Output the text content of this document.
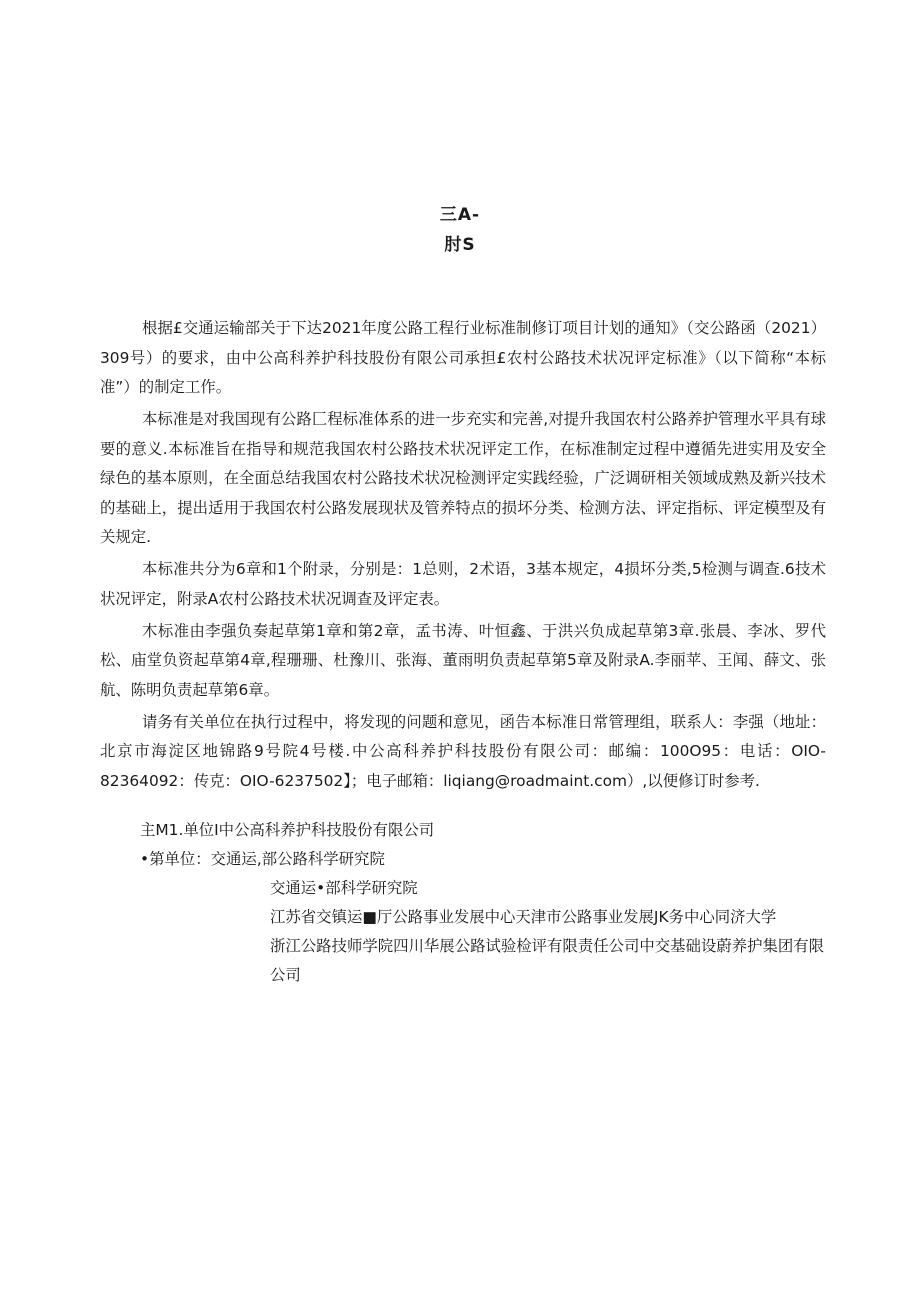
三A-
肘S

根据£交通运输部关于下达2021年度公路工程行业标准制修订项目计划的通知》（交公路函（2021）309号）的要求，由中公高科养护科技股份有限公司承担£农村公路技术状况评定标准》（以下简称“本标准”）的制定工作。

本标准是对我国现有公路匚程标准体系的进一步充实和完善,对提升我国农村公路养护管理水平具有球要的意义.本标准旨在指导和规范我国农村公路技术状况评定工作，在标准制定过程中遵循先进实用及安全绿色的基本原则，在全面总结我国农村公路技术状况检测评定实践经验，广泛调研相关领域成熟及新兴技术的基础上，提出适用于我国农村公路发展现状及管养特点的损坏分类、检测方法、评定指标、评定模型及有关规定.

本标准共分为6章和1个附录，分别是：1总则，2术语，3基本规定，4损坏分类,5检测与调查.6技术状况评定，附录A农村公路技术状况调查及评定表。

木标准由李强负奏起草第1章和第2章，孟书涛、叶恒鑫、于洪兴负成起草第3章.张晨、李冰、罗代松、庙堂负资起草第4章,程珊珊、杜豫川、张海、董雨明负责起草第5章及附录A.李丽苹、王闻、薛文、张航、陈明负责起草第6章。

请务有关单位在执行过程中，将发现的问题和意见，函告本标准日常管理组，联系人：李强（地址：北京市海淀区地锦路9号院4号楼.中公高科养护科技股份有限公司：邮编：100O95：电话：OIO-82364092：传克：OIO-6237502】；电子邮箱：liqiang@roadmaint.com）,以便修订时参考.

主M1.单位I中公高科养护科技股份有限公司
•第单位：交通运,部公路科学研究院
交通运•部科学研究院
江苏省交镇运■厅公路事业发展中心天津市公路事业发展JK务中心同济大学
浙江公路技师学院四川华展公路试验检评有限责任公司中交基础设蔚养护集团有限公司
